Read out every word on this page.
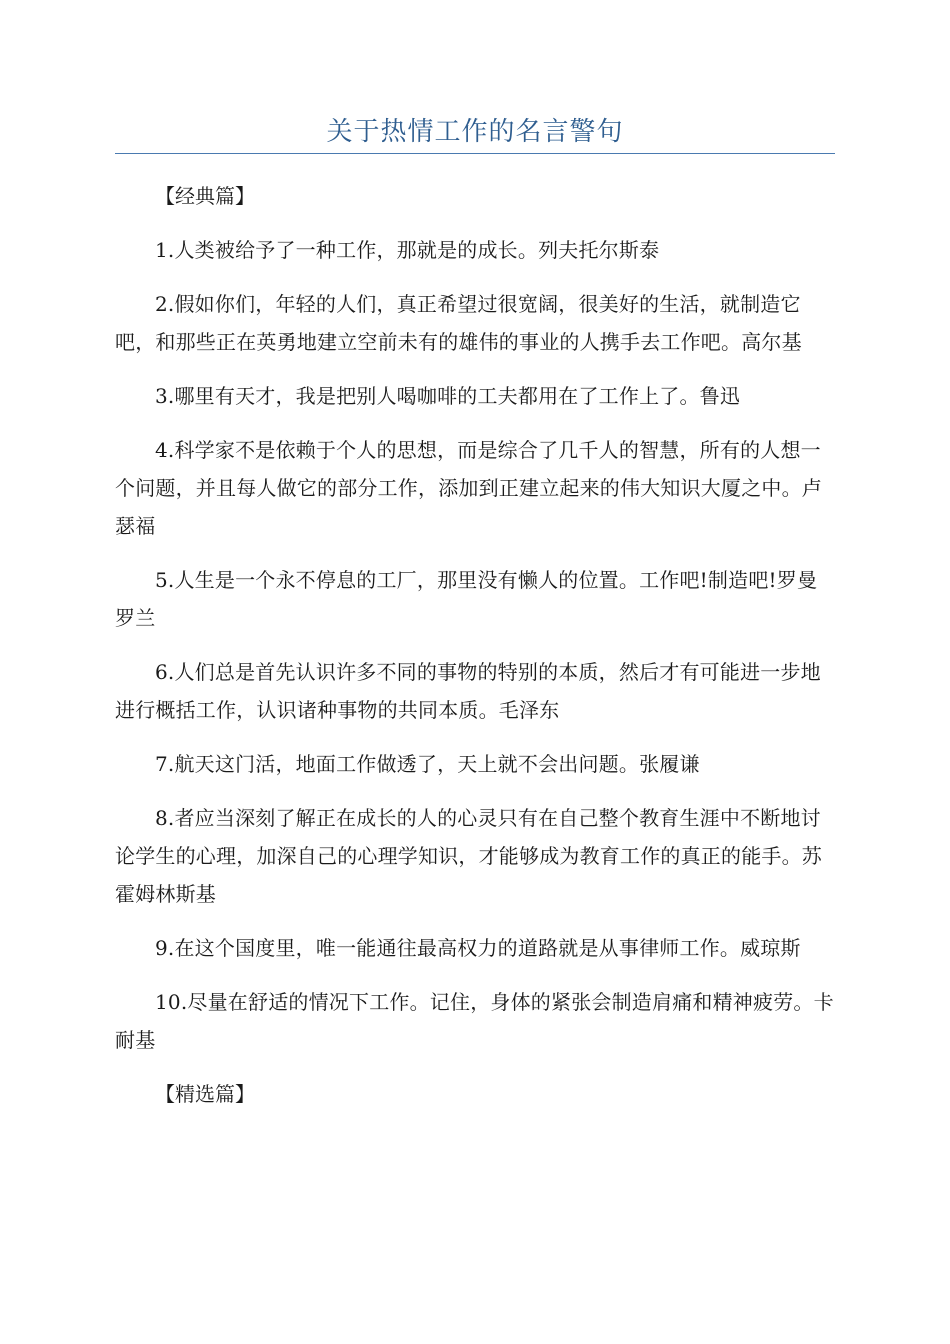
关于热情工作的名言警句

【经典篇】

1.人类被给予了一种工作，那就是的成长。列夫托尔斯泰

2.假如你们，年轻的人们，真正希望过很宽阔，很美好的生活，就制造它吧，和那些正在英勇地建立空前未有的雄伟的事业的人携手去工作吧。高尔基

3.哪里有天才，我是把别人喝咖啡的工夫都用在了工作上了。鲁迅

4.科学家不是依赖于个人的思想，而是综合了几千人的智慧，所有的人想一个问题，并且每人做它的部分工作，添加到正建立起来的伟大知识大厦之中。卢瑟福

5.人生是一个永不停息的工厂，那里没有懒人的位置。工作吧!制造吧!罗曼罗兰

6.人们总是首先认识许多不同的事物的特别的本质，然后才有可能进一步地进行概括工作，认识诸种事物的共同本质。毛泽东

7.航天这门活，地面工作做透了，天上就不会出问题。张履谦

8.者应当深刻了解正在成长的人的心灵只有在自己整个教育生涯中不断地讨论学生的心理，加深自己的心理学知识，才能够成为教育工作的真正的能手。苏霍姆林斯基

9.在这个国度里，唯一能通往最高权力的道路就是从事律师工作。威琼斯

10.尽量在舒适的情况下工作。记住，身体的紧张会制造肩痛和精神疲劳。卡耐基

【精选篇】
